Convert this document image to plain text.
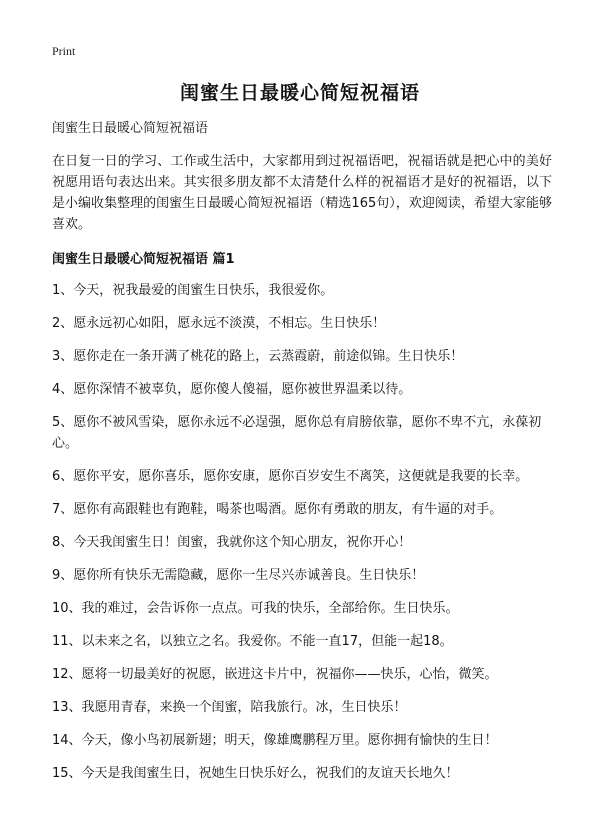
Print
闺蜜生日最暖心简短祝福语
闺蜜生日最暖心简短祝福语
在日复一日的学习、工作或生活中，大家都用到过祝福语吧，祝福语就是把心中的美好祝愿用语句表达出来。其实很多朋友都不太清楚什么样的祝福语才是好的祝福语，以下是小编收集整理的闺蜜生日最暖心简短祝福语（精选165句），欢迎阅读，希望大家能够喜欢。
闺蜜生日最暖心简短祝福语 篇1
1、今天，祝我最爱的闺蜜生日快乐，我很爱你。
2、愿永远初心如阳，愿永远不淡漠，不相忘。生日快乐！
3、愿你走在一条开满了桃花的路上，云蒸霞蔚，前途似锦。生日快乐！
4、愿你深情不被辜负，愿你傻人傻福，愿你被世界温柔以待。
5、愿你不被风雪染，愿你永远不必逞强，愿你总有肩膀依靠，愿你不卑不亢，永葆初心。
6、愿你平安，愿你喜乐，愿你安康，愿你百岁安生不离笑，这便就是我要的长幸。
7、愿你有高跟鞋也有跑鞋，喝茶也喝酒。愿你有勇敢的朋友，有牛逼的对手。
8、今天我闺蜜生日！闺蜜，我就你这个知心朋友，祝你开心！
9、愿你所有快乐无需隐藏，愿你一生尽兴赤诚善良。生日快乐！
10、我的难过，会告诉你一点点。可我的快乐，全部给你。生日快乐。
11、以未来之名，以独立之名。我爱你。不能一直17，但能一起18。
12、愿将一切最美好的祝愿，嵌进这卡片中，祝福你——快乐，心怡，微笑。
13、我愿用青春，来换一个闺蜜，陪我旅行。冰，生日快乐！
14、今天，像小鸟初展新翅；明天，像雄鹰鹏程万里。愿你拥有愉快的生日！
15、今天是我闺蜜生日，祝她生日快乐好么，祝我们的友谊天长地久！
